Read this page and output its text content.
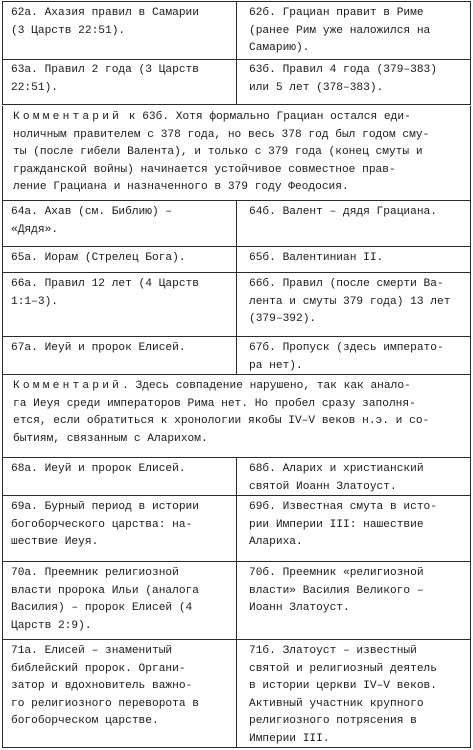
62а. Ахазия правил в Самарии
(3 Царств 22:51).
62б. Грациан правит в Риме
(ранее Рим уже наложился на
Самарию).
63а. Правил 2 года (3 Царств
22:51).
63б. Правил 4 года (379–383)
или 5 лет (378–383).
Комментарий к 63б. Хотя формально Грациан остался еди-
ноличным правителем с 378 года, но весь 378 год был годом сму-
ты (после гибели Валента), и только с 379 года (конец смуты и
гражданской войны) начинается устойчивое совместное прав-
ление Грациана и назначенного в 379 году Феодосия.
64а. Ахав (см. Библию) –
«Дядя».
64б. Валент – дядя Грациана.
65а. Иорам (Стрелец Бога).	65б. Валентиниан II.
66а. Правил 12 лет (4 Царств
1:1–3).
66б. Правил (после смерти Ва-
лента и смуты 379 года) 13 лет
(379–392).
67а. Иеуй и пророк Елисей.	67б. Пропуск (здесь императо-
ра нет).
Комментарий. Здесь совпадение нарушено, так как анало-
га Иеуя среди императоров Рима нет. Но пробел сразу заполня-
ется, если обратиться к хронологии якобы IV–V веков н.э. и со-
бытиям, связанным с Аларихом.
68а. Иеуй и пророк Елисей.	68б. Аларих и христианский
святой Иоанн Златоуст.
69а. Бурный период в истории
богоборческого царства: на-
шествие Иеуя.
69б. Известная смута в исто-
рии Империи III: нашествие
Алариха.
70а. Преемник религиозной
власти пророка Ильи (аналога
Василия) – пророк Елисей (4
Царств 2:9).
70б. Преемник «религиозной
власти» Василия Великого –
Иоанн Златоуст.
71а. Елисей – знаменитый
библейский пророк. Органи-
затор и вдохновитель важно-
го религиозного переворота в
богоборческом царстве.
71б. Златоуст – известный
святой и религиозный деятель
в истории церкви IV–V веков.
Активный участник крупного
религиозного потрясения в
Империи III.
